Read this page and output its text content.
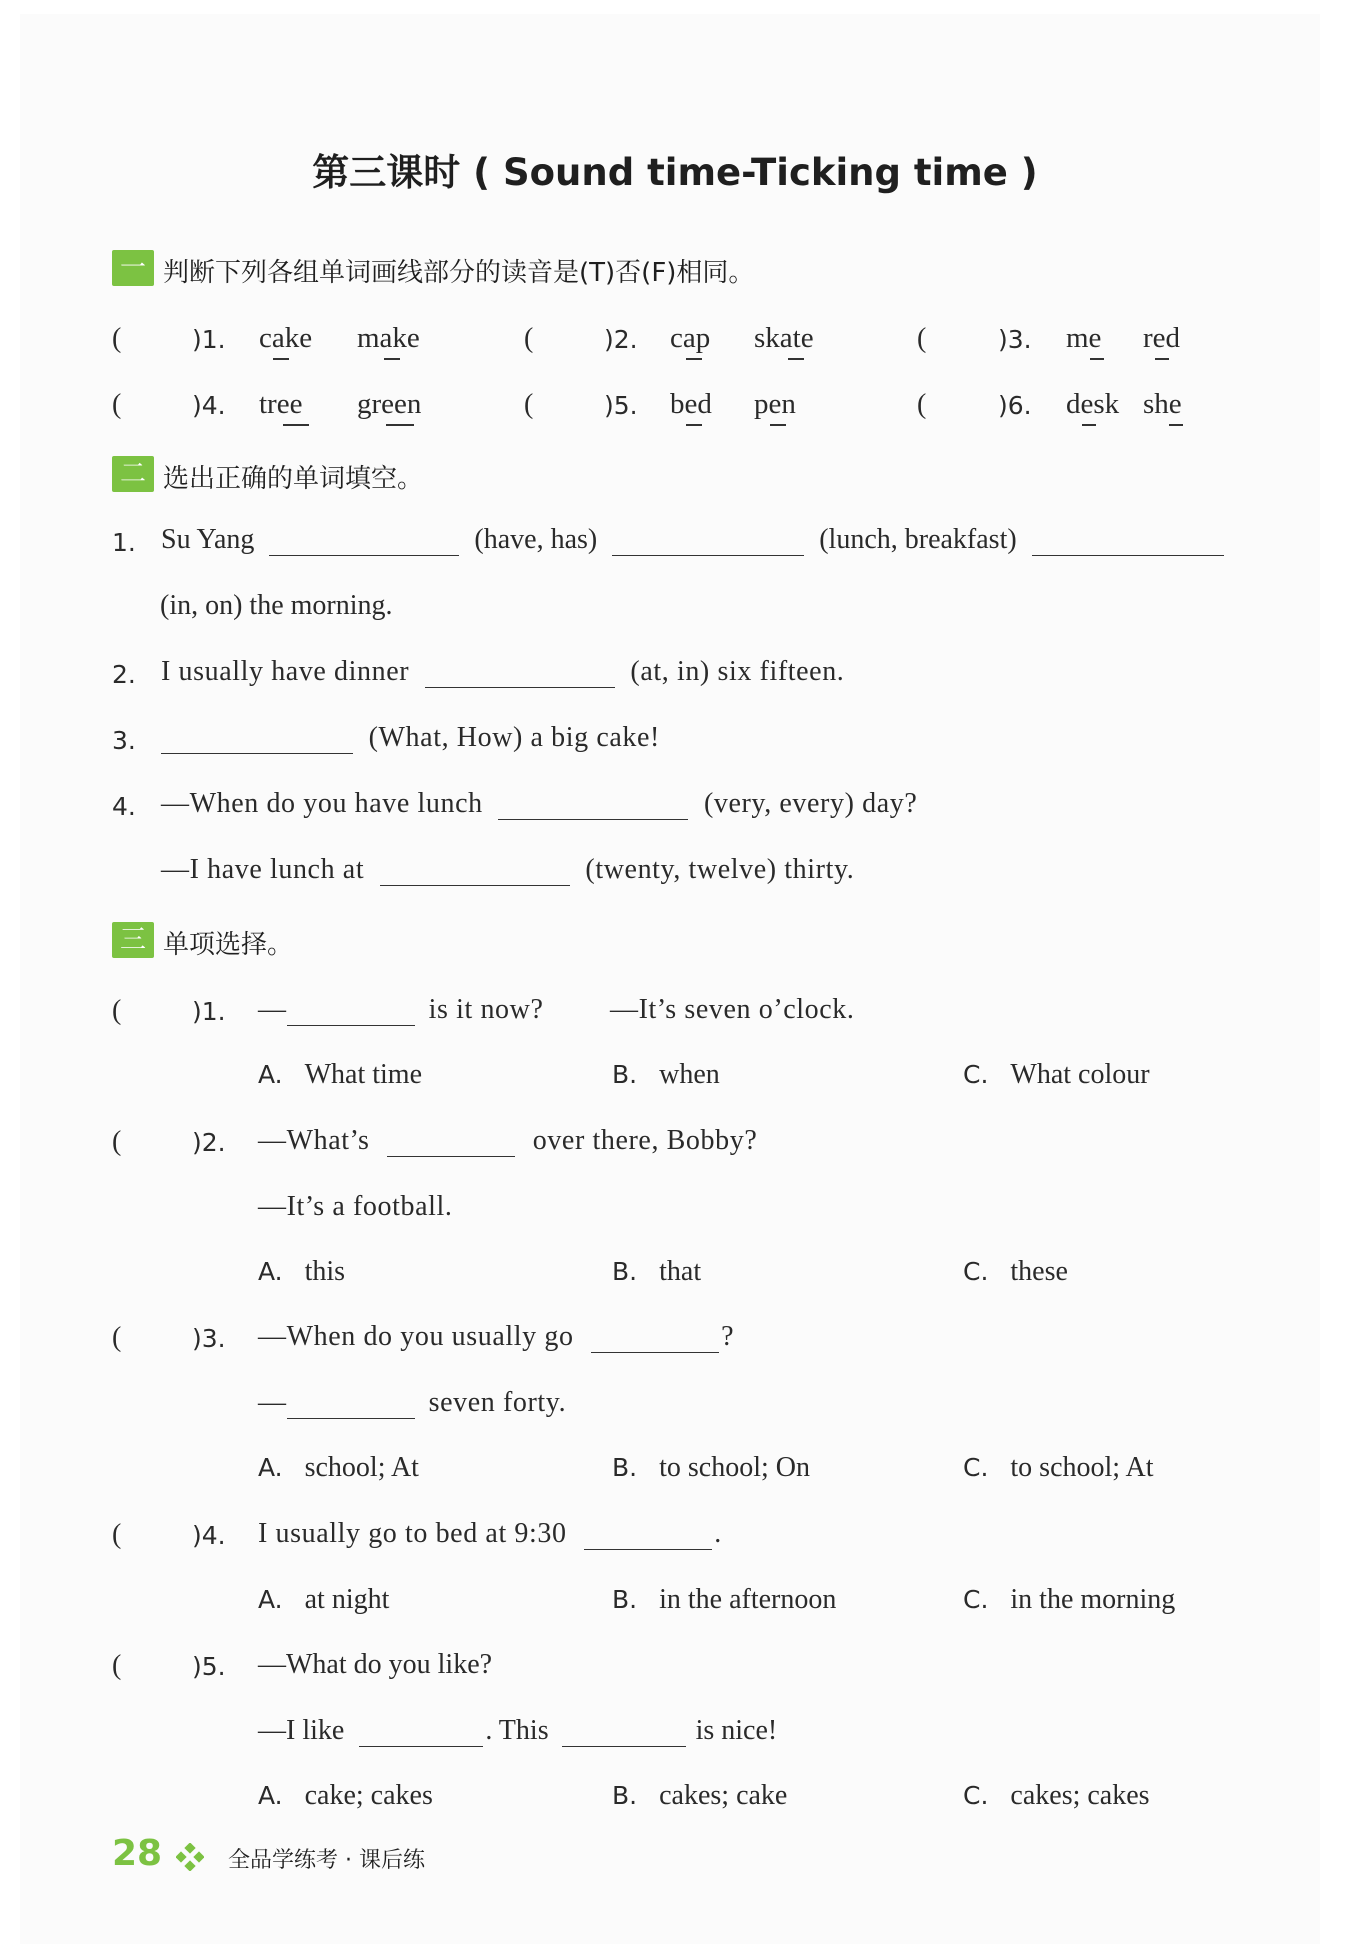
第三课时 ( Sound time-Ticking time )
一 判断下列各组单词画线部分的读音是(T)否(F)相同。
(	)1. cake make	(	)2. cap skate	(	)3. me red
(	)4. tree green	(	)5. bed pen	(	)6. desk she
二 选出正确的单词填空。
1. Su Yang	(have, has)	(lunch, breakfast)
(in, on) the morning.
2. I usually have dinner	(at, in) six fifteen.
3.	(What, How) a big cake!
4. —When do you have lunch	(very, every) day?
—I have lunch at	(twenty, twelve) thirty.
三 单项选择。
(	)1. —	is it now? —It’s seven o’clock.
A. What time	B. when	C. What colour
(	)2. —What’s	over there, Bobby?
—It’s a football.
A. this	B. that	C. these
(	)3. —When do you usually go	?
—	seven forty.
A. school; At	B. to school; On	C. to school; At
(	)4. I usually go to bed at 9:30	.
A. at night	B. in the afternoon	C. in the morning
(	)5. —What do you like?
—I like	. This	is nice!
A. cake; cakes	B. cakes; cake	C. cakes; cakes
28	全品学练考 · 课后练
